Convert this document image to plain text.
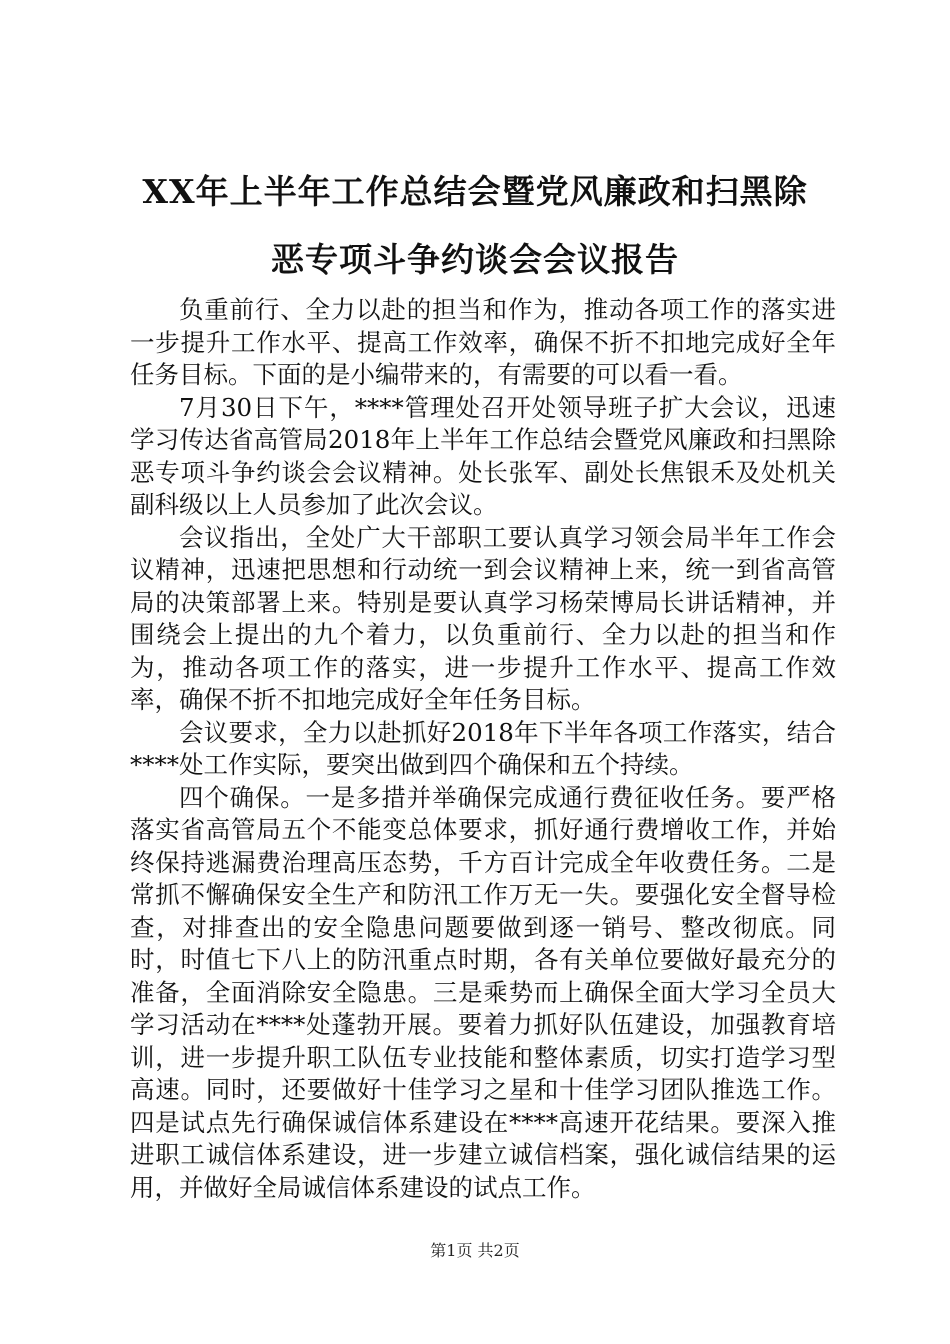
XX年上半年工作总结会暨党风廉政和扫黑除
恶专项斗争约谈会会议报告

负重前行、全力以赴的担当和作为，推动各项工作的落实进一步提升工作水平、提高工作效率，确保不折不扣地完成好全年任务目标。下面的是小编带来的，有需要的可以看一看。

7月30日下午，****管理处召开处领导班子扩大会议，迅速学习传达省高管局2018年上半年工作总结会暨党风廉政和扫黑除恶专项斗争约谈会会议精神。处长张军、副处长焦银禾及处机关副科级以上人员参加了此次会议。

会议指出，全处广大干部职工要认真学习领会局半年工作会议精神，迅速把思想和行动统一到会议精神上来，统一到省高管局的决策部署上来。特别是要认真学习杨荣博局长讲话精神，并围绕会上提出的九个着力，以负重前行、全力以赴的担当和作为，推动各项工作的落实，进一步提升工作水平、提高工作效率，确保不折不扣地完成好全年任务目标。

会议要求，全力以赴抓好2018年下半年各项工作落实，结合****处工作实际，要突出做到四个确保和五个持续。

四个确保。一是多措并举确保完成通行费征收任务。要严格落实省高管局五个不能变总体要求，抓好通行费增收工作，并始终保持逃漏费治理高压态势，千方百计完成全年收费任务。二是常抓不懈确保安全生产和防汛工作万无一失。要强化安全督导检查，对排查出的安全隐患问题要做到逐一销号、整改彻底。同时，时值七下八上的防汛重点时期，各有关单位要做好最充分的准备，全面消除安全隐患。三是乘势而上确保全面大学习全员大学习活动在****处蓬勃开展。要着力抓好队伍建设，加强教育培训，进一步提升职工队伍专业技能和整体素质，切实打造学习型高速。同时，还要做好十佳学习之星和十佳学习团队推选工作。四是试点先行确保诚信体系建设在****高速开花结果。要深入推进职工诚信体系建设，进一步建立诚信档案，强化诚信结果的运用，并做好全局诚信体系建设的试点工作。

第1页 共2页
